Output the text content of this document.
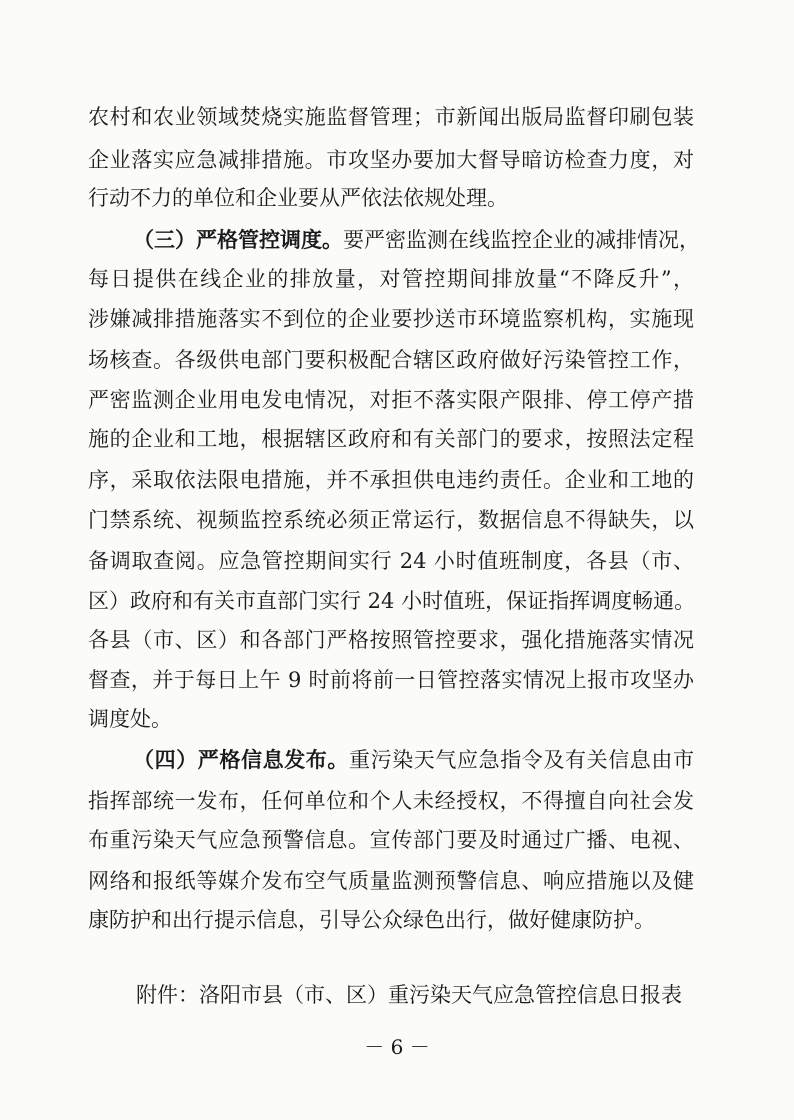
农村和农业领域焚烧实施监督管理；市新闻出版局监督印刷包装
企业落实应急减排措施。市攻坚办要加大督导暗访检查力度，对
行动不力的单位和企业要从严依法依规处理。
（三）严格管控调度。要严密监测在线监控企业的减排情况，
每日提供在线企业的排放量，对管控期间排放量“不降反升”，
涉嫌减排措施落实不到位的企业要抄送市环境监察机构，实施现
场核查。各级供电部门要积极配合辖区政府做好污染管控工作，
严密监测企业用电发电情况，对拒不落实限产限排、停工停产措
施的企业和工地，根据辖区政府和有关部门的要求，按照法定程
序，采取依法限电措施，并不承担供电违约责任。企业和工地的
门禁系统、视频监控系统必须正常运行，数据信息不得缺失，以
备调取查阅。应急管控期间实行 24 小时值班制度，各县（市、
区）政府和有关市直部门实行 24 小时值班，保证指挥调度畅通。
各县（市、区）和各部门严格按照管控要求，强化措施落实情况
督查，并于每日上午 9 时前将前一日管控落实情况上报市攻坚办
调度处。
（四）严格信息发布。重污染天气应急指令及有关信息由市
指挥部统一发布，任何单位和个人未经授权，不得擅自向社会发
布重污染天气应急预警信息。宣传部门要及时通过广播、电视、
网络和报纸等媒介发布空气质量监测预警信息、响应措施以及健
康防护和出行提示信息，引导公众绿色出行，做好健康防护。
附件：洛阳市县（市、区）重污染天气应急管控信息日报表
－ 6 －
